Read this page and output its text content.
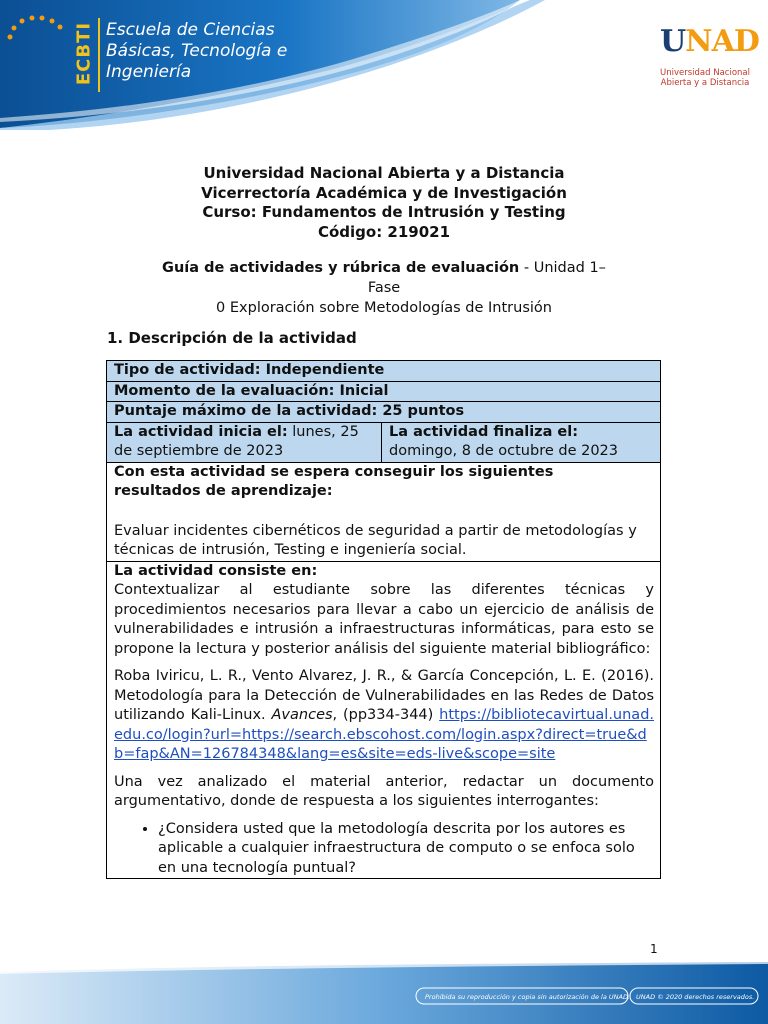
ECBTI Escuela de Ciencias
Básicas, Tecnología e
Ingeniería
UNAD
Universidad Nacional
Abierta y a Distancia
Universidad Nacional Abierta y a Distancia
Vicerrectoría Académica y de Investigación
Curso: Fundamentos de Intrusión y Testing
Código: 219021
Guía de actividades y rúbrica de evaluación - Unidad 1– Fase
0 Exploración sobre Metodologías de Intrusión
1. Descripción de la actividad
Tipo de actividad: Independiente
Momento de la evaluación: Inicial
Puntaje máximo de la actividad: 25 puntos
La actividad inicia el: lunes, 25
de septiembre de 2023
La actividad finaliza el:
domingo, 8 de octubre de 2023
Con esta actividad se espera conseguir los siguientes
resultados de aprendizaje:
Evaluar incidentes cibernéticos de seguridad a partir de metodologías y técnicas de intrusión, Testing e ingeniería social.
La actividad consiste en:
Contextualizar al estudiante sobre las diferentes técnicas y procedimientos necesarios para llevar a cabo un ejercicio de análisis de vulnerabilidades e intrusión a infraestructuras informáticas, para esto se propone la lectura y posterior análisis del siguiente material bibliográfico:
Roba Iviricu, L. R., Vento Alvarez, J. R., & García Concepción, L. E. (2016). Metodología para la Detección de Vulnerabilidades en las Redes de Datos utilizando Kali-Linux. Avances, (pp334-344) https://bibliotecavirtual.unad.edu.co/login?url=https://search.ebscohost.com/login.aspx?direct=true&db=fap&AN=126784348&lang=es&site=eds-live&scope=site
Una vez analizado el material anterior, redactar un documento argumentativo, donde de respuesta a los siguientes interrogantes:
• ¿Considera usted que la metodología descrita por los autores es aplicable a cualquier infraestructura de computo o se enfoca solo en una tecnología puntual?
1
Prohibida su reproducción y copia sin autorización de la UNAD. UNAD © 2020 derechos reservados.
